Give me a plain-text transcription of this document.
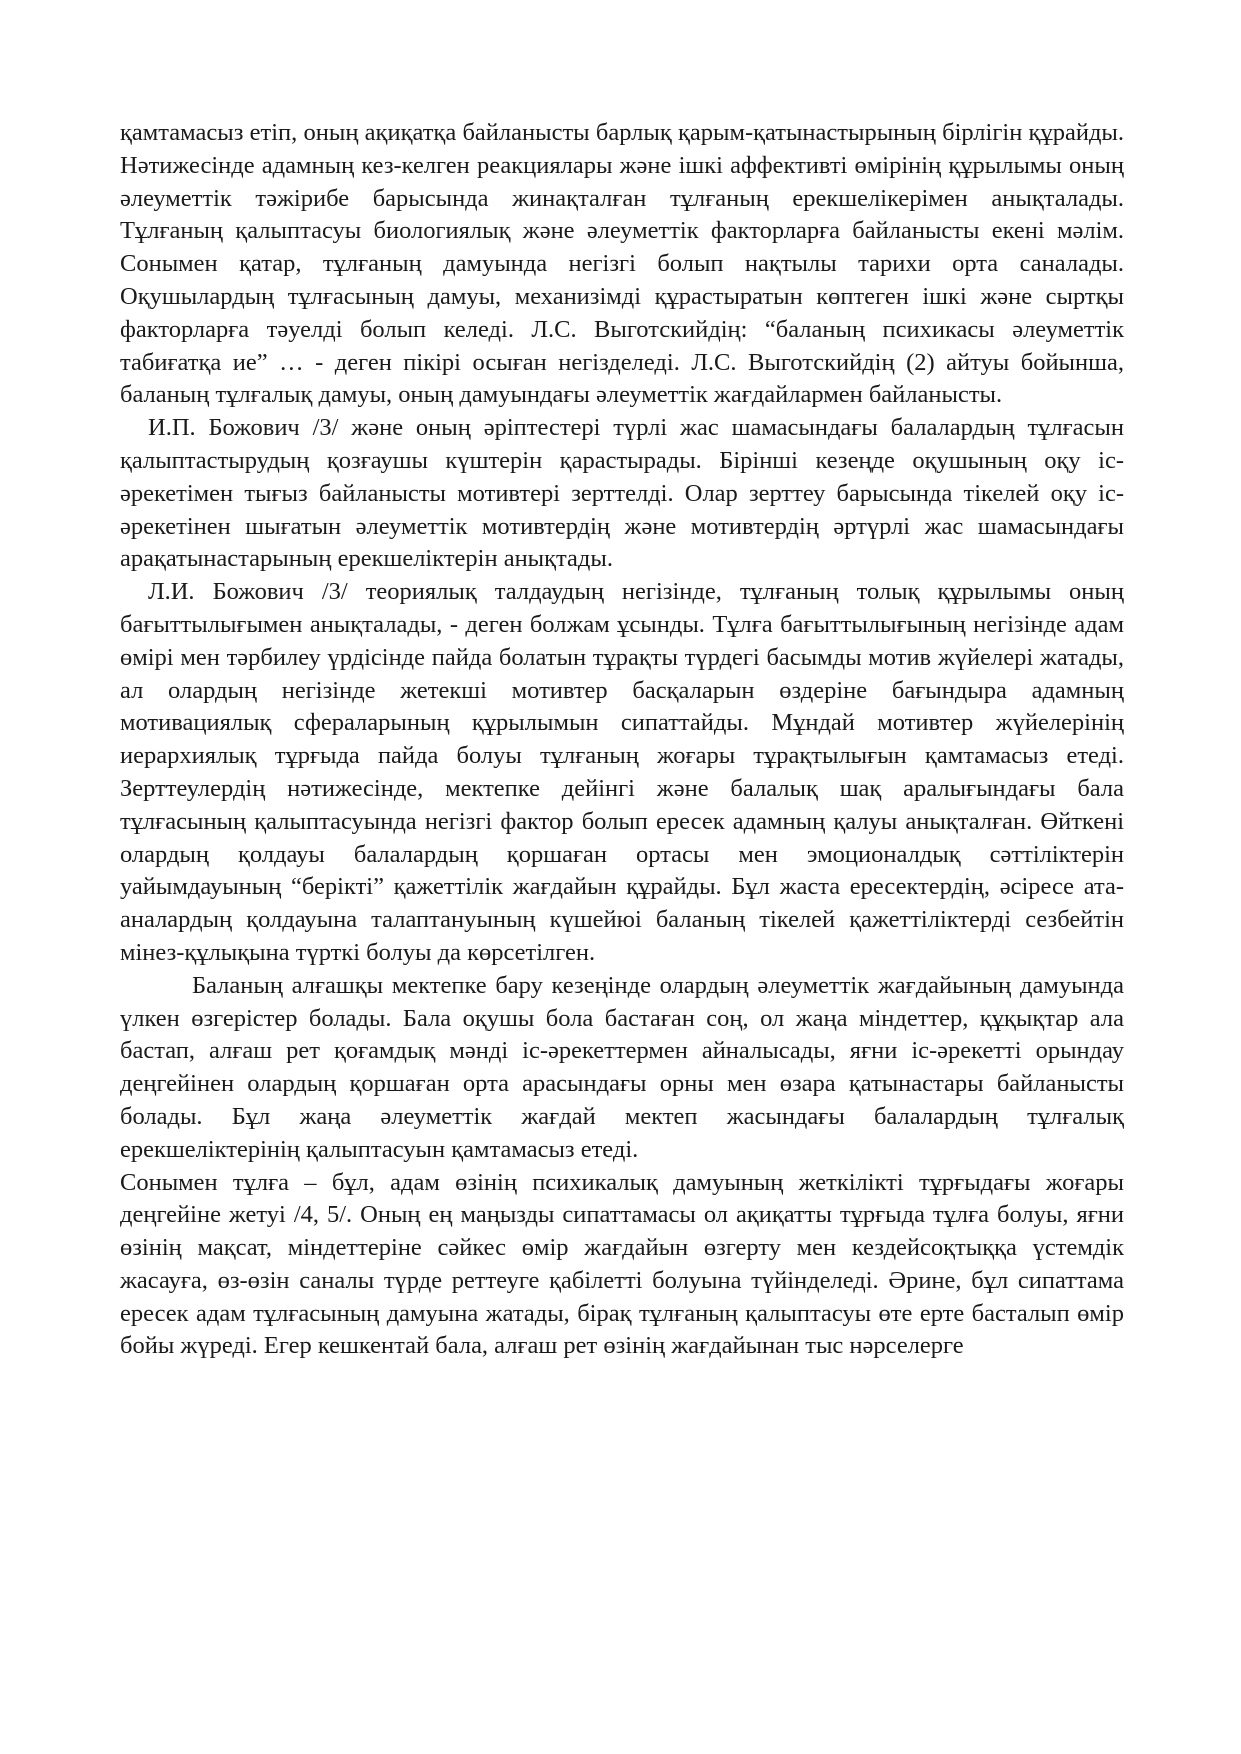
қамтамасыз етіп, оның ақиқатқа байланысты барлық қарым-қатынастырының бірлігін құрайды. Нәтижесінде адамның кез-келген реакциялары және ішкі аффективті өмірінің құрылымы оның әлеуметтік тәжірибе барысында жинақталған тұлғаның ерекшелікерімен анықталады. Тұлғаның қалыптасуы биологиялық және әлеуметтік факторларға байланысты екені мәлім. Сонымен қатар, тұлғаның дамуында негізгі болып нақтылы тарихи орта саналады. Оқушылардың тұлғасының дамуы, механизімді құрастыратын көптеген ішкі және сыртқы факторларға тәуелді болып келеді. Л.С. Выготскийдің: “баланың психикасы әлеуметтік табиғатқа ие” … - деген пікірі осыған негізделеді. Л.С. Выготскийдің (2) айтуы бойынша, баланың тұлғалық дамуы, оның дамуындағы әлеуметтік жағдайлармен байланысты.

И.П. Божович /3/ және оның әріптестері түрлі жас шамасындағы балалардың тұлғасын қалыптастырудың қозғаушы күштерін қарастырады. Бірінші кезеңде оқушының оқу іс-әрекетімен тығыз байланысты мотивтері зерттелді. Олар зерттеу барысында тікелей оқу іс-әрекетінен шығатын әлеуметтік мотивтердің және мотивтердің әртүрлі жас шамасындағы арақатынастарының ерекшеліктерін анықтады.

Л.И. Божович /3/ теориялық талдаудың негізінде, тұлғаның толық құрылымы оның бағыттылығымен анықталады, - деген болжам ұсынды. Тұлға бағыттылығының негізінде адам өмірі мен тәрбилеу үрдісінде пайда болатын тұрақты түрдегі басымды мотив жүйелері жатады, ал олардың негізінде жетекші мотивтер басқаларын өздеріне бағындыра адамның мотивациялық сфераларының құрылымын сипаттайды. Мұндай мотивтер жүйелерінің иерархиялық тұрғыда пайда болуы тұлғаның жоғары тұрақтылығын қамтамасыз етеді. Зерттеулердің нәтижесінде, мектепке дейінгі және балалық шақ аралығындағы бала тұлғасының қалыптасуында негізгі фактор болып ересек адамның қалуы анықталған. Өйткені олардың қолдауы балалардың қоршаған ортасы мен эмоционалдық сәттіліктерін уайымдауының “берікті” қажеттілік жағдайын құрайды. Бұл жаста ересектердің, әсіресе ата-аналардың қолдауына талаптануының күшейюі баланың тікелей қажеттіліктерді сезбейтін мінез-құлықына түрткі болуы да көрсетілген.

Баланың алғашқы мектепке бару кезеңінде олардың әлеуметтік жағдайының дамуында үлкен өзгерістер болады. Бала оқушы бола бастаған соң, ол жаңа міндеттер, құқықтар ала бастап, алғаш рет қоғамдық мәнді іс-әрекеттермен айналысады, яғни іс-әрекетті орындау деңгейінен олардың қоршаған орта арасындағы орны мен өзара қатынастары байланысты болады. Бұл жаңа әлеуметтік жағдай мектеп жасындағы балалардың тұлғалық ерекшеліктерінің қалыптасуын қамтамасыз етеді.

Сонымен тұлға – бұл, адам өзінің психикалық дамуының жеткілікті тұрғыдағы жоғары деңгейіне жетуі /4, 5/. Оның ең маңызды сипаттамасы ол ақиқатты тұрғыда тұлға болуы, яғни өзінің мақсат, міндеттеріне сәйкес өмір жағдайын өзгерту мен кездейсоқтыққа үстемдік жасауға, өз-өзін саналы түрде реттеуге қабілетті болуына түйінделеді. Әрине, бұл сипаттама ересек адам тұлғасының дамуына жатады, бірақ тұлғаның қалыптасуы өте ерте басталып өмір бойы жүреді. Егер кешкентай бала, алғаш рет өзінің жағдайынан тыс нәрселерге
